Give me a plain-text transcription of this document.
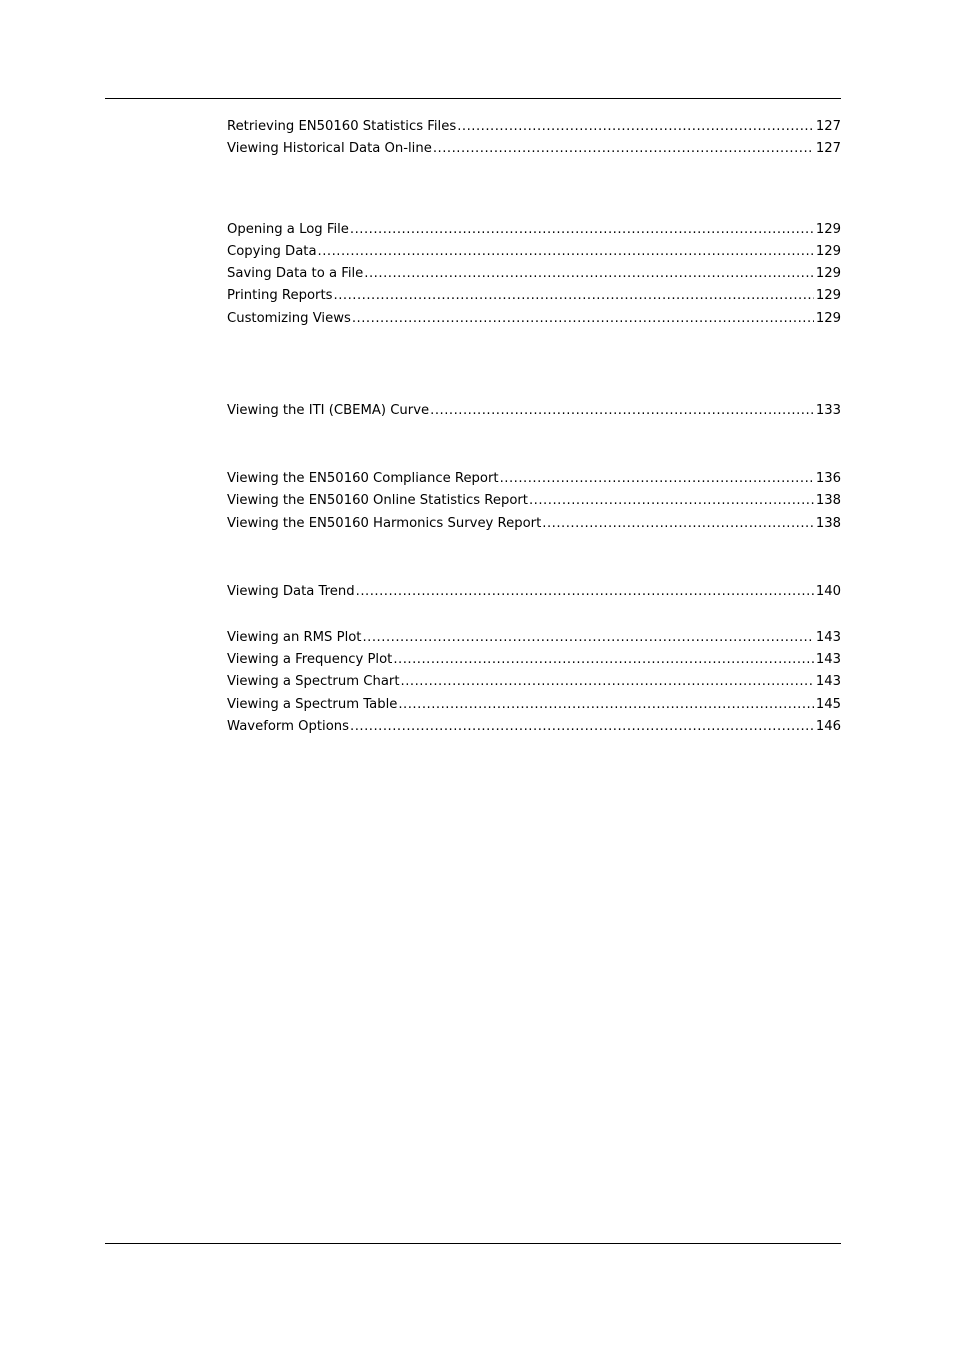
Retrieving EN50160 Statistics Files .....	127
Viewing Historical Data On-line .....	127
Opening a Log File .....	129
Copying Data .....	129
Saving Data to a File .....	129
Printing Reports .....	129
Customizing Views .....	129
Viewing the ITI (CBEMA) Curve .....	133
Viewing the EN50160 Compliance Report .....	136
Viewing the EN50160 Online Statistics Report .....	138
Viewing the EN50160 Harmonics Survey Report .....	138
Viewing Data Trend .....	140
Viewing an RMS Plot .....	143
Viewing a Frequency Plot .....	143
Viewing a Spectrum Chart .....	143
Viewing a Spectrum Table .....	145
Waveform Options .....	146
